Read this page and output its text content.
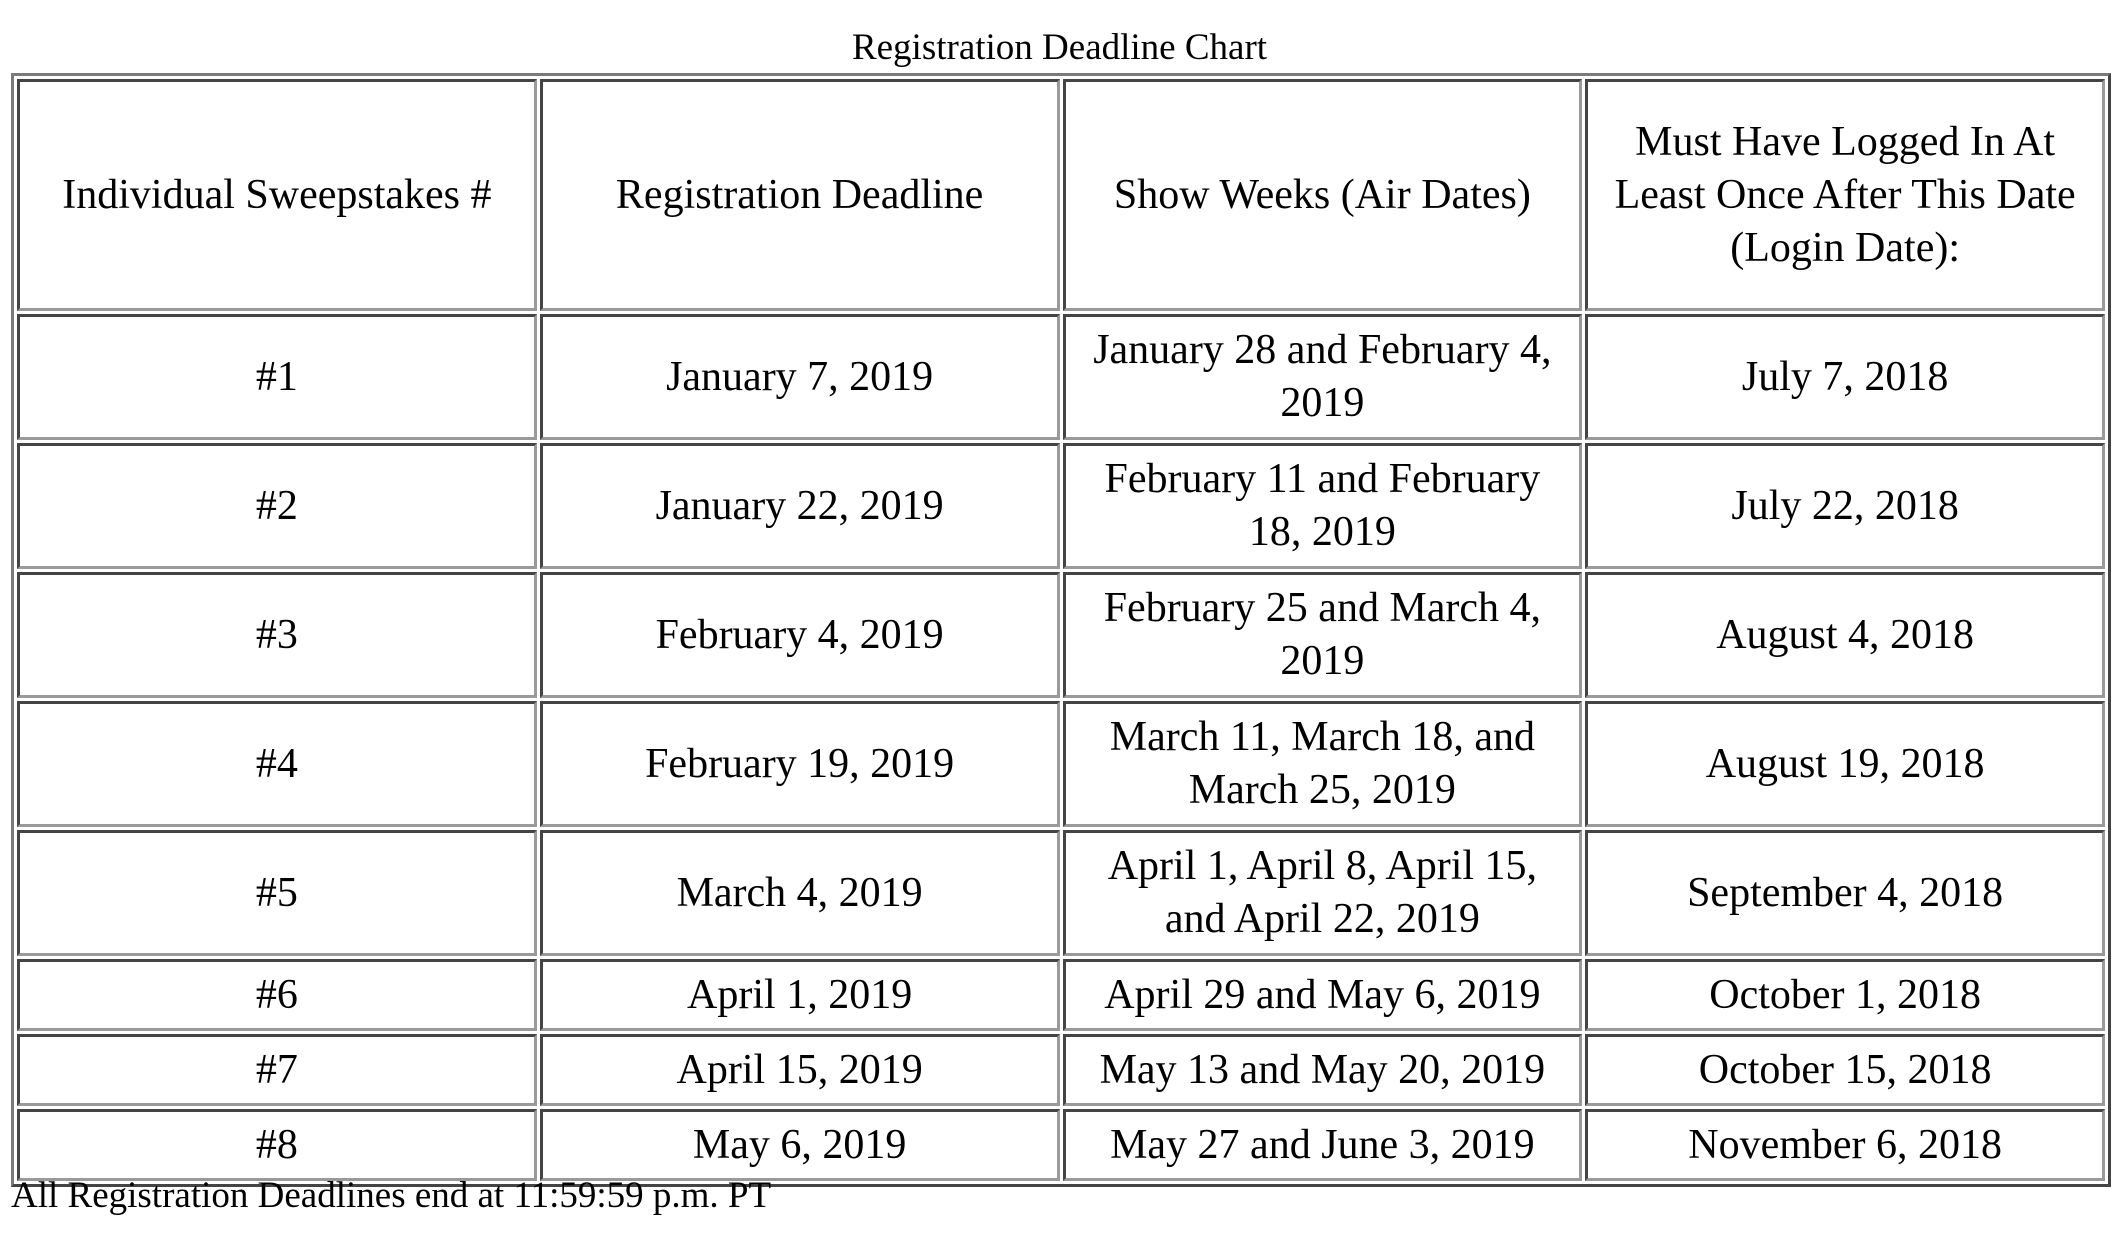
Registration Deadline Chart
Individual Sweepstakes #	Registration Deadline	Show Weeks (Air Dates)	Must Have Logged In At Least Once After This Date (Login Date):
#1	January 7, 2019	January 28 and February 4, 2019	July 7, 2018
#2	January 22, 2019	February 11 and February 18, 2019	July 22, 2018
#3	February 4, 2019	February 25 and March 4, 2019	August 4, 2018
#4	February 19, 2019	March 11, March 18, and March 25, 2019	August 19, 2018
#5	March 4, 2019	April 1, April 8, April 15, and April 22, 2019	September 4, 2018
#6	April 1, 2019	April 29 and May 6, 2019	October 1, 2018
#7	April 15, 2019	May 13 and May 20, 2019	October 15, 2018
#8	May 6, 2019	May 27 and June 3, 2019	November 6, 2018
All Registration Deadlines end at 11:59:59 p.m. PT
